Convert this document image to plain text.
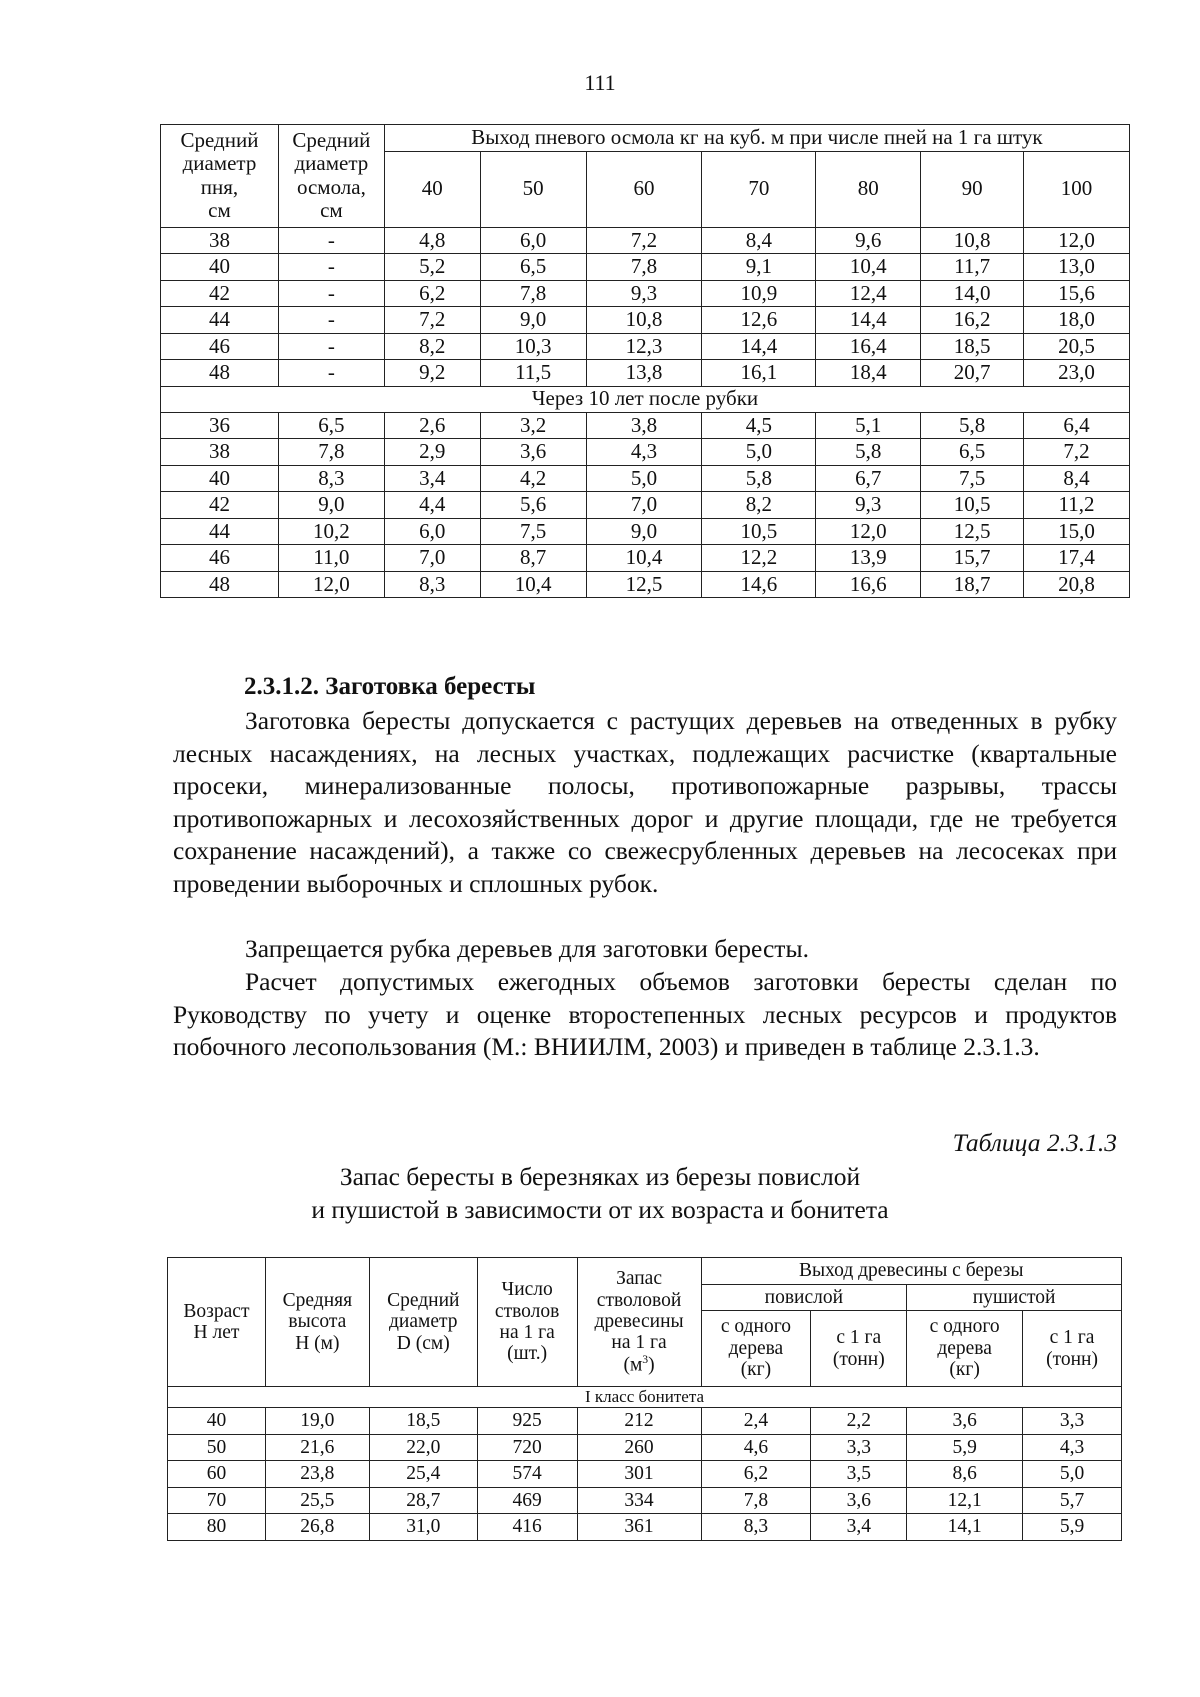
111
Средний
диаметр
пня,
см	Средний
диаметр
осмола,
см	Выход пневого осмола кг на куб. м при числе пней на 1 га штук						
		40	50	60	70	80	90	100
38	-	4,8	6,0	7,2	8,4	9,6	10,8	12,0
40	-	5,2	6,5	7,8	9,1	10,4	11,7	13,0
42	-	6,2	7,8	9,3	10,9	12,4	14,0	15,6
44	-	7,2	9,0	10,8	12,6	14,4	16,2	18,0
46	-	8,2	10,3	12,3	14,4	16,4	18,5	20,5
48	-	9,2	11,5	13,8	16,1	18,4	20,7	23,0
Через 10 лет после рубки								
36	6,5	2,6	3,2	3,8	4,5	5,1	5,8	6,4
38	7,8	2,9	3,6	4,3	5,0	5,8	6,5	7,2
40	8,3	3,4	4,2	5,0	5,8	6,7	7,5	8,4
42	9,0	4,4	5,6	7,0	8,2	9,3	10,5	11,2
44	10,2	6,0	7,5	9,0	10,5	12,0	12,5	15,0
46	11,0	7,0	8,7	10,4	12,2	13,9	15,7	17,4
48	12,0	8,3	10,4	12,5	14,6	16,6	18,7	20,8
2.3.1.2. Заготовка бересты

Заготовка бересты допускается с растущих деревьев на отведенных в рубку лесных насаждениях, на лесных участках, подлежащих расчистке (квартальные просеки, минерализованные полосы, противопожарные разрывы, трассы противопожарных и лесохозяйственных дорог и другие площади, где не требуется сохранение насаждений), а также со свежесрубленных деревьев на лесосеках при проведении выборочных и сплошных рубок.

Запрещается рубка деревьев для заготовки бересты.

Расчет допустимых ежегодных объемов заготовки бересты сделан по Руководству по учету и оценке второстепенных лесных ресурсов и продуктов побочного лесопользования (М.: ВНИИЛМ, 2003) и приведен в таблице 2.3.1.3.

Таблица 2.3.1.3
Запас бересты в березняках из березы повислой
и пушистой в зависимости от их возраста и бонитета
Возраст
Н лет	Средняя
высота
Н (м)	Средний
диаметр
D (см)	Число
стволов
на 1 га
(шт.)	Запас
стволовой
древесины
на 1 га
$(м^3)$	Выход древесины с березы			
					повислой		пушистой	
					с одного
дерева
(кг)	с 1 га
(тонн)	с одного
дерева
(кг)	с 1 га
(тонн)
I класс бонитета								
40	19,0	18,5	925	212	2,4	2,2	3,6	3,3
50	21,6	22,0	720	260	4,6	3,3	5,9	4,3
60	23,8	25,4	574	301	6,2	3,5	8,6	5,0
70	25,5	28,7	469	334	7,8	3,6	12,1	5,7
80	26,8	31,0	416	361	8,3	3,4	14,1	5,9
